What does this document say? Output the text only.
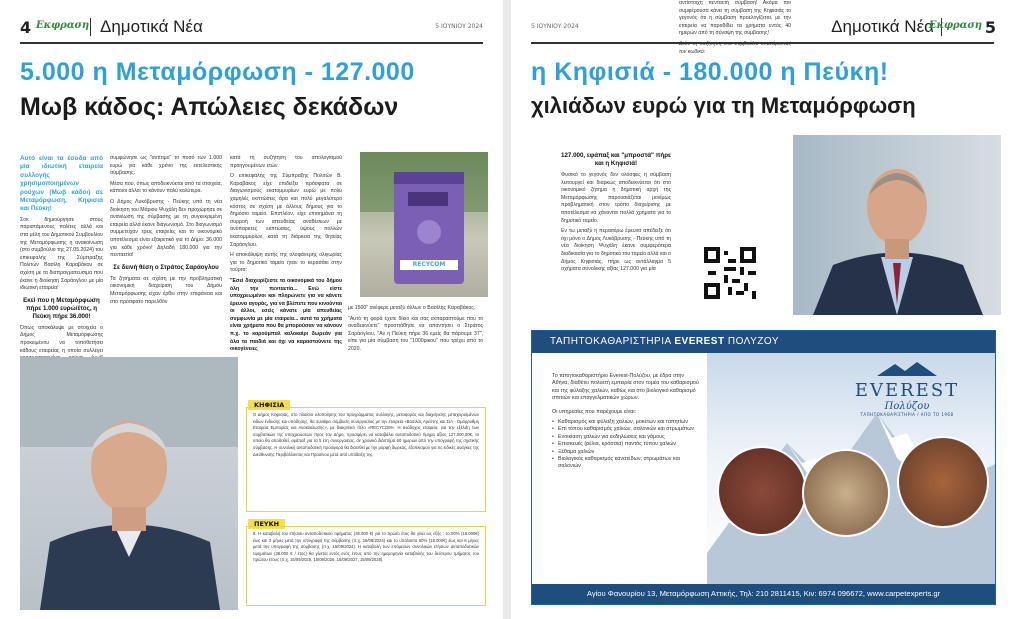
4 Εκφραση Δημοτικά Νέα	5 ΙΟΥΝΙΟΥ 2024
5.000 η Μεταμόρφωση - 127.000
Μωβ κάδος: Απώλειες δεκάδων

Αυτό είναι τα έσοδα από μία ιδιωτική εταιρεία συλλογής χρησιμοποιημένων ρούχων (Μωβ κάδοι) σε Μεταμόρφωση, Κηφισιά και Πεύκη!

Σοκ δημιούργησε στους παριστάμενους πολίτες αλλά και στα μέλη του Δημοτικού Συμβουλίου της Μεταμόρφωσης η ανακοίνωση (στο συμβούλιο της 27.05.2024) του επικεφαλής της Σύμπραξης Πολιτών Βασίλη Καραβάκου σε σχέση με τα διαπραγματευσιμα που έκανε η διοίκηση Σαράογλου με μία ιδιωτική εταιρεία!

Εκεί που η Μεταμόρφωση πήρε 1.000 ευρώ/έτος, η Πεύκη πήρε 36.000!

Όπως αποκάλυψε με στοιχεία ο Δήμος Μεταμόρφωσης προκειμένου να τοποθετήσει κάδους εταιρείας η οποία συλλέγει

συμφώνησε ως "αντίτιμο" το ποσό των 1.000 ευρώ για κάθε χρόνο της εκτελεστικής σύμβασης.

Μέσα που, όπως αποδεικνύεται από τα στοιχεία, κάποιοι άλλοι το κάνουν πολύ καλύτερα.

Ο Δήμος Λυκόβρυσης - Πεύκης υπό τη νέα διοίκηση του Μάριου Ψυχάλη δεν προχώρησε σε ανανέωση της σύμβασης με τη συγκεκριμένη εταιρεία αλλά έκανε διαγωνισμό. Στο διαγωνισμό συμμετείχαν τρεις εταιρείες και το οικονομικό αποτέλεσμα είναι εξαιρετικό για το Δήμο: 36.000 για κάθε χρόνο! Δηλαδή 180.000 για την πενταετία!

Σε δεινή θέση ο Στράτος Σαράογλου

Τα ζητήματα σε σχέση με την προβληματική οικονομική διαχείριση του Δήμου Μεταμόρφωσης είχαν έρθει στην επιφάνεια και στο πρόσφατο παρελθόν

κατά τη συζήτηση του απολογισμού προηγουμένων ετών.

Ο επικεφαλής της Σύμπραξης Πολιτών Β. Καραβάκος είχε επιδείξει πρόσφατα σε διαγωνισμούς εκατομμυρίων ευρώ με πολύ χαμηλές εκπτώσεις άρα και πολύ μεγαλύτερο κόστος σε σχέση με άλλους δήμους για το δημόσιο ταμείο. Επιπλέον, είχε επισημάνει τη συρροή των απευθείας αναθέσεων με ανύπαρκτες εκπτώσεις, ύψους πολλών εκατομμυρίων, κατά τη διάρκεια της θητείας Σαράογλου.

Η αποκάλυψη αυτής της ολοφάνερης ολιγωρίας για το δημοτικό ταμείο ήταν το κερασάκι στην τούρτα:

"Εσεί διαχειρίζεστε τα οικονομικά του δήμου όλη την πενταετία... Ενώ είστε υποχρεωμένοι και πληρώνετε για να κάνετε έρευνα αγοράς, για να βλέπετε που κινούνται οι άλλοι, εσείς κάνατε μία απευθείας συμφωνία με μία εταιρεία... αυτά τα χρήματα είναι χρήματα που θα μπορούσαν να κάνουν π.χ. το καρούμπαλ καλοκαίρι δωρεάν για όλα τα παιδιά και όχι να καραστούνετε της οικογένειες

με 1500" ανέφερε μεταξύ άλλων ο Βασίλης Καραβάκος.

"Αυτό τη φορά έχετε δίκιο και σας εκπαραστούμε που το αναδεικνύετε" προσπάθησε να απαντήσει ο Στράτος Σαράογλου, "Αν η Πεύκη πήρε 36 εμείς θα πάρουμε 37", είπε για μία σύμβαση του "1000ρικου" που τρέχει από το 2020.

RECYCOM
ΚΗΦΙΣΙΑ
Ο Δήμος Κηφισιάς, στο πλαίσιο υλοποίησης του προγράμματος συλλογής, μεταφοράς και διαχείρισης μεταχειρισμένων ειδών ένδυσης και υπόδησης, θα συνάψει σύμβαση συνεργασίας με την εταιρεία «Βασιλάς Αρέστης και ΣΙΑ - Ομόρρυθμη Εταιρεία Εμπορίας και Ανακύκλωσης», με διακριτικό τίτλο «RECYCOM». Η ανάδοχος εταιρεία, για την εξέλιξη των συμβατικών της υποχρεώσεων προς τον Δήμο, προσφέρει να καταβάλει ανταποδοτικό τίμημα αξίας 127.000,00€, το οποίο θα αποδοθεί, εφάπαξ για τα 5 έτη συνεργασίας, σε χρονικό διάστημα 60 ημερών από την υπογραφή της σχετικής σύμβασης. Η συνολική ανταποδοτική προσφορά θα διατεθεί με την μορφή δωρεάς, εξοπλισμού για τις ειδικές ανάγκες της Διεύθυνσης Περιβάλλοντος και Πρασίνου μετά από υπόδειξη της.
ΠΕΥΚΗ
8. Η καταβολή του ετήσιου ανταποδοτικού τιμήματος (36.000 €) για το πρώτο έτος θα γίνει ως εξής : το 50% (18.000€) έως και 3 μήνες μετά την υπογραφή της σύμβασης (π.χ. 15/06/2024) και το υπόλοιπο 50% (18.000€) έως και 6 μήνες μετά την υπογραφή της σύμβασης (π.χ. 15/09/2024). Η καταβολή των επόμενων συνολικών ετήσιων ανταποδοτικών τιμημάτων (36.000 € / έτος) θα γίνεται εντός ενός έτους από την ημερομηνία καταβολής του δεύτερου τμήματος του πρώτου έτους (π.χ. 15/09/2025, 15/09/2026, 15/09/2027, 15/09/2028).
5 ΙΟΥΝΙΟΥ 2024	Δημοτικά Νέα
Εκφραση 5
η Κηφισιά - 180.000 η Πεύκη!
χιλιάδων ευρώ για τη Μεταμόρφωση
127.000, εφάπαξ και "μπροστά" πήρε και η Κηφισιά!

Φυσικό το γεγονός δεν ολόσφες η σύμβαση λειτουργεί και διαρκώς αποδεικνύεται ότι στο οικονομικό ζήτημα η δημοτική αρχή της Μεταμόρφωσης παρουσιάζεται μονίμως προβληματική στον τρόπο διαχείρισης με αποτέλεσμα να χάνονται πολλά χρήματα για το δημοτικό ταμείο.

Εν τω μεταξύ η περαιτέρω έρευνα απέδειξε ότι όχι μόνο ο Δήμος Λυκόβρυσης - Πεύκης υπό τη νέα διοίκηση Ψυχάλη έκανε συμφερότερα διαδικασία για το δημοτικό του ταμείο αλλά και ο Δήμος Κηφισιάς, πήρε ως αντάλλαγμα 5 σχήματα συνολικής αξίας 127.000 για μία

αντίστοιχη πενταετή σύμβαση! Ακόμα πιο συμφέρουσα κάνει τη σύμβαση της Κηφισιάς το γεγονός ότι η σύμβαση προελογίζεται, με την εταιρεία να παραδίδει τα χρήματα εντός 40 ημερών από τη σύναψη της σύμβασης!

Δείτε τη συζήτηση στο συμβούλιο σκανάροντας τον κωδικό:

ΤΑΠΗΤΟΚΑΘΑΡΙΣΤΗΡΙΑ EVEREST ΠΟΛΥΖΟΥ
EVEREST
Πολύζου
ΤΑΠΗΤΟΚΑΘΑΡΙΣΤΗΡΙΑ / ΑΠΟ ΤΟ 1968

Το ταπητοκαθαριστήριο Everest-Πολύζου, με έδρα στην Αθήνα, διαθέτει πολυετή εμπειρία στον τομέα του καθαρισμού και της φύλαξης χαλιών, καθώς και στο βιολογικό καθαρισμό σπιτιών και επαγγελματικών χώρων.

Οι υπηρεσίες που παρέχουμε είναι:

• Καθαρισμός και φύλαξη χαλιών, μοκετών και ταπητίων
• Επί τόπου καθαρισμός χαλιών, σαλονιών και στρωμάτων
• Ενοικίαση χαλιών για εκδηλώσεις και γάμους
• Επισκευές (ρέλια, κρόσσια) παντός τύπου χαλιών
• Ξέθαμα χαλιών
• Βιολογικός καθαρισμός κανατέδων, στρωμάτων και σαλονιών
Αγίου Φανουρίου 13, Μεταμόρφωση Αττικής, Τηλ: 210 2811415, Κιν: 6974 096672, www.carpetexperts.gr
